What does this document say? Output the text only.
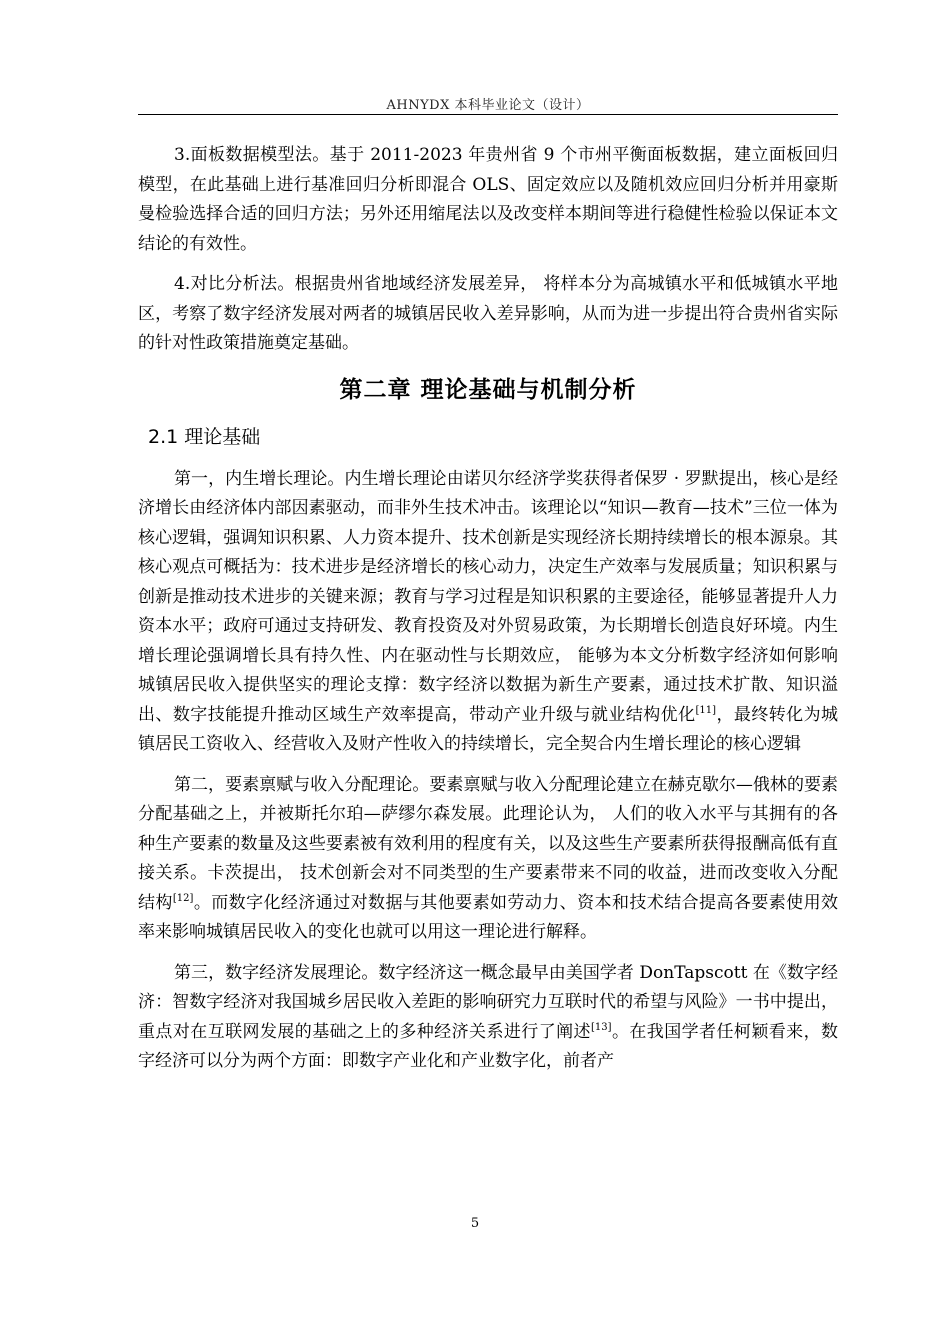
AHNYDX 本科毕业论文（设计）

3.面板数据模型法。基于 2011-2023 年贵州省 9 个市州平衡面板数据，建立面板回归模型，在此基础上进行基准回归分析即混合 OLS、固定效应以及随机效应回归分析并用豪斯曼检验选择合适的回归方法；另外还用缩尾法以及改变样本期间等进行稳健性检验以保证本文结论的有效性。

4.对比分析法。根据贵州省地域经济发展差异， 将样本分为高城镇水平和低城镇水平地区，考察了数字经济发展对两者的城镇居民收入差异影响，从而为进一步提出符合贵州省实际的针对性政策措施奠定基础。

第二章 理论基础与机制分析
2.1 理论基础

第一，内生增长理论。内生增长理论由诺贝尔经济学奖获得者保罗 · 罗默提出，核心是经济增长由经济体内部因素驱动，而非外生技术冲击。该理论以“知识—教育—技术”三位一体为核心逻辑，强调知识积累、人力资本提升、技术创新是实现经济长期持续增长的根本源泉。其核心观点可概括为：技术进步是经济增长的核心动力，决定生产效率与发展质量；知识积累与创新是推动技术进步的关键来源；教育与学习过程是知识积累的主要途径，能够显著提升人力资本水平；政府可通过支持研发、教育投资及对外贸易政策，为长期增长创造良好环境。内生增长理论强调增长具有持久性、内在驱动性与长期效应， 能够为本文分析数字经济如何影响城镇居民收入提供坚实的理论支撑：数字经济以数据为新生产要素，通过技术扩散、知识溢出、数字技能提升推动区域生产效率提高，带动产业升级与就业结构优化[11]，最终转化为城镇居民工资收入、经营收入及财产性收入的持续增长，完全契合内生增长理论的核心逻辑

第二，要素禀赋与收入分配理论。要素禀赋与收入分配理论建立在赫克歇尔—俄林的要素分配基础之上，并被斯托尔珀—萨缪尔森发展。此理论认为， 人们的收入水平与其拥有的各种生产要素的数量及这些要素被有效利用的程度有关，以及这些生产要素所获得报酬高低有直接关系。卡茨提出， 技术创新会对不同类型的生产要素带来不同的收益，进而改变收入分配结构[12]。而数字化经济通过对数据与其他要素如劳动力、资本和技术结合提高各要素使用效率来影响城镇居民收入的变化也就可以用这一理论进行解释。

第三，数字经济发展理论。数字经济这一概念最早由美国学者 DonTapscott 在《数字经济：智数字经济对我国城乡居民收入差距的影响研究力互联时代的希望与风险》一书中提出，重点对在互联网发展的基础之上的多种经济关系进行了阐述[13]。在我国学者任柯颖看来，数字经济可以分为两个方面：即数字产业化和产业数字化，前者产

5
